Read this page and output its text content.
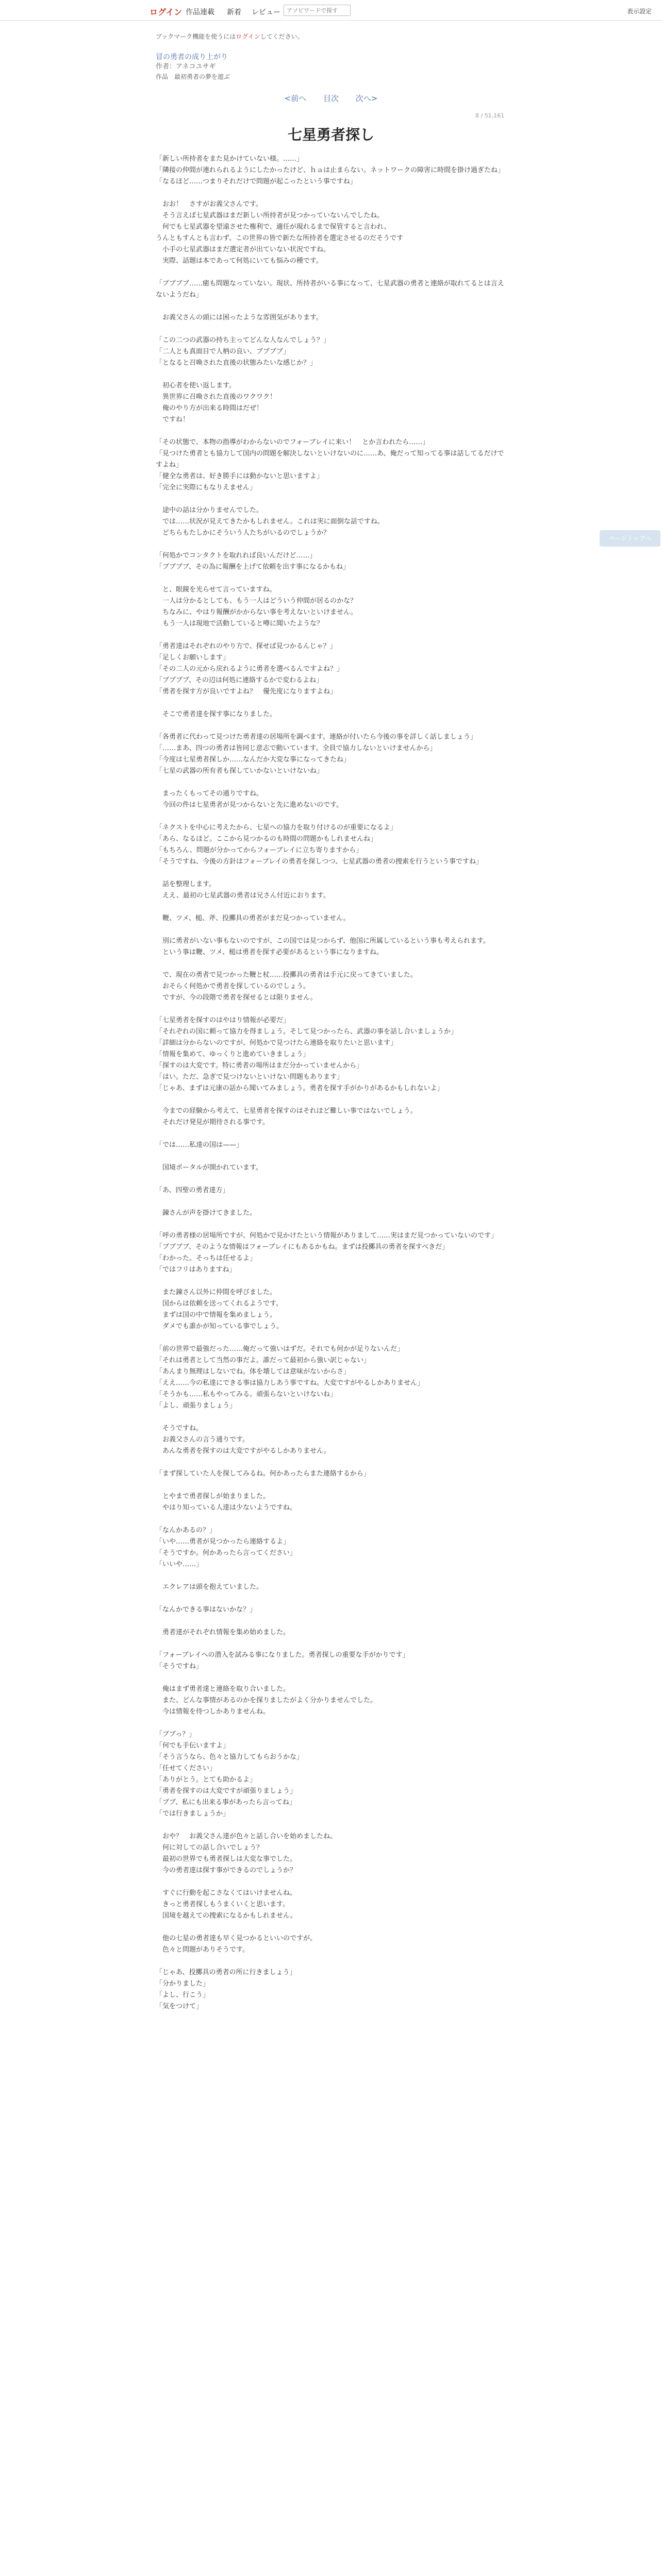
ログイン 作品連載 新着 レビュー
アソビワードで探す	表示設定
ブックマーク機能を使うにはログインしてください。
冒の勇者の成り上がり
作者：アネコユサギ
作品　最初勇者の夢を遊ぶ
<前へ 目次 次へ>
8 / 51,161
七星勇者探し

「新しい所持者をまた見かけていない様。……」

「隣接の仲間が連れられるようにしたかったけど、ｈａは止まらない。ネットワークの障害に時間を掛け過ぎたね」

「なるほど……つまりそれだけで問題が起こったという事ですね」

　おお！　さすがお義父さんです。

　そう言えば七星武器はまだ新しい所持者が見つかっていないんでしたね。

　何でも七星武器を望遠させた権利で、適任が現れるまで保管すると言われ、

うんともすんとも言わず、この世界の皆で新たな所持者を選定させるのだそうです

　小手の七星武器はまだ選定者が出ていない状況ですね。

　実際、話題は本であって何処にいても悩みの種です。

「ブブブブ……癒も問題なっていない。現状、所持者がいる事になって、七星武器の勇者と連絡が取れてるとは言えないようだね」

　お義父さんの頭には困ったような雰囲気があります。

「この二つの武器の持ち主ってどんな人なんでしょう？」

「二人とも真面目で人柄の良い、ブブブブ」

「となると召喚された直後の状態みたいな感じか？」

　初心者を使い返します。

　異世界に召喚された直後のワクワク！

　俺のやり方が出来る時間はだぜ！

　ですね！

「その状態で、本物の指導がわからないのでフォーブレイに来い！　とか言われたら……」

「見つけた勇者とも協力して国内の問題を解決しないといけないのに……あ、俺だって知ってる事は話してるだけですよね」

「健全な勇者は、好き勝手には動かないと思いますよ」

「完全に実際にもなりえません」

　途中の話は分かりませんでした。

　では……状況が見えてきたかもしれません。これは実に面倒な話ですね。

　どちらもたしかにそういう人たちがいるのでしょうか？

「何処かでコンタクトを取れれば良いんだけど……」

「ブブブブ、その為に報酬を上げて依頼を出す事になるかもね」

　と、眼鏡を光らせて言っていますね。

　一人は分かるとしても、もう一人はどういう仲間が居るのかな？

　ちなみに、やはり報酬がかからない事を考えないといけません。

　もう一人は現地で活動していると噂に聞いたような？

「勇者達はそれぞれのやり方で、探せば見つかるんじゃ？」

「足しくお願いします」

「その二人の元から戻れるように勇者を選べるんですよね？」

「ブブブブ、その辺は何処に連絡するかで変わるよね」

「勇者を探す方が良いですよね？　優先度になりますよね」

　そこで勇者達を探す事になりました。

「各勇者に代わって見つけた勇者達の居場所を調べます。連絡が付いたら今後の事を詳しく話しましょう」

「……まあ、四つの勇者は皆同じ意志で動いています。全員で協力しないといけませんから」

「今度は七星勇者探しか……なんだか大変な事になってきたね」

「七星の武器の所有者も探していかないといけないね」

　まったくもってその通りですね。

　今回の件は七星勇者が見つからないと先に進めないのです。

「ネクストを中心に考えたから、七星への協力を取り付けるのが重要になるよ」

「あら、なるほど。ここから見つかるのも時間の問題かもしれませんね」

「もちろん、問題が分かってからフォーブレイに立ち寄りますから」

「そうですね、今後の方針はフォーブレイの勇者を探しつつ、七星武器の勇者の捜索を行うという事ですね」

　話を整理します。

　ええ、最初の七星武器の勇者は兄さん付近におります。

　鞭、ツメ、槌、斧、投擲具の勇者がまだ見つかっていません。

　別に勇者がいない事もないのですが、この国では見つからず、他国に所属しているという事も考えられます。

　という事は鞭、ツメ、槌は勇者を探す必要があるという事になりますね。

　で、現在の勇者で見つかった鞭と杖……投擲具の勇者は手元に戻ってきていました。

　おそらく何処かで勇者を探しているのでしょう。

　ですが、今の段階で勇者を探せるとは限りません。

「七星勇者を探すのはやはり情報が必要だ」

「それぞれの国に頼って協力を得ましょう。そして見つかったら、武器の事を話し合いましょうか」

「詳細は分からないのですが、何処かで見つけたら連絡を取りたいと思います」

「情報を集めて、ゆっくりと進めていきましょう」

「探すのは大変です。特に勇者の場所はまだ分かっていませんから」

「はい。ただ、急ぎで見つけないといけない問題もあります」

「じゃあ、まずは元康の話から聞いてみましょう。勇者を探す手がかりがあるかもしれないよ」

　今までの経験から考えて、七星勇者を探すのはそれほど難しい事ではないでしょう。

　それだけ発見が期待される事です。

「では……私達の国は——」

　国境ポータルが開かれています。

「あ、四聖の勇者達方」

　錬さんが声を掛けてきました。

「呼の勇者様の居場所ですが、何処かで見かけたという情報がありまして……実はまだ見つかっていないのです」

「ブブブブ、そのような情報はフォーブレイにもあるかもね。まずは投擲具の勇者を探すべきだ」

「わかった。そっちは任せるよ」

「ではフリはありますね」

　また錬さん以外に仲間を呼びました。

　国からは依頼を送ってくれるようです。

　まずは国の中で情報を集めましょう。

　ダメでも誰かが知っている事でしょう。

「前の世界で最強だった……俺だって強いはずだ。それでも何かが足りないんだ」

「それは勇者として当然の事だよ。誰だって最初から強い訳じゃない」

「あんまり無理はしないでね。体を壊しては意味がないからさ」

「ええ……今の私達にできる事は協力しあう事ですね。大変ですがやるしかありません」

「そうかも……私もやってみる。頑張らないといけないね」

「よし、頑張りましょう」

　そうですね。

　お義父さんの言う通りです。

　あんな勇者を探すのは大変ですがやるしかありません。

「まず探していた人を探してみるね。何かあったらまた連絡するから」

　とやまで勇者探しが始まりました。

　やはり知っている人達は少ないようですね。

「なんかあるの？」

「いや……勇者が見つかったら連絡するよ」

「そうですか。何かあったら言ってください」

「いいや……」

　エクレアは頭を抱えていました。

「なんかできる事はないかな？」

　勇者達がそれぞれ情報を集め始めました。

「フォーブレイへの潜入を試みる事になりました。勇者探しの重要な手がかりです」

「そうですね」

　俺はまず勇者達と連絡を取り合いました。

　また、どんな事情があるのかを探りましたがよく分かりませんでした。

　今は情報を待つしかありませんね。

「ブブっ？」

「何でも手伝いますよ」

「そう言うなら、色々と協力してもらおうかな」

「任せてください」

「ありがとう。とても助かるよ」

「勇者を探すのは大変ですが頑張りましょう」

「ブブ、私にも出来る事があったら言ってね」

「では行きましょうか」

　おや？　お義父さん達が色々と話し合いを始めましたね。

　何に対しての話し合いでしょう？

　最初の世界でも勇者探しは大変な事でした。

　今の勇者達は探す事ができるのでしょうか？

　すぐに行動を起こさなくてはいけませんね。

　きっと勇者探しもうまくいくと思います。

　国境を越えての捜索になるかもしれません。

　他の七星の勇者達も早く見つかるといいのですが。

　色々と問題がありそうです。

「じゃあ、投擲具の勇者の所に行きましょう」

「分かりました」

「よし、行こう」

「気をつけて」

ページトップへ
